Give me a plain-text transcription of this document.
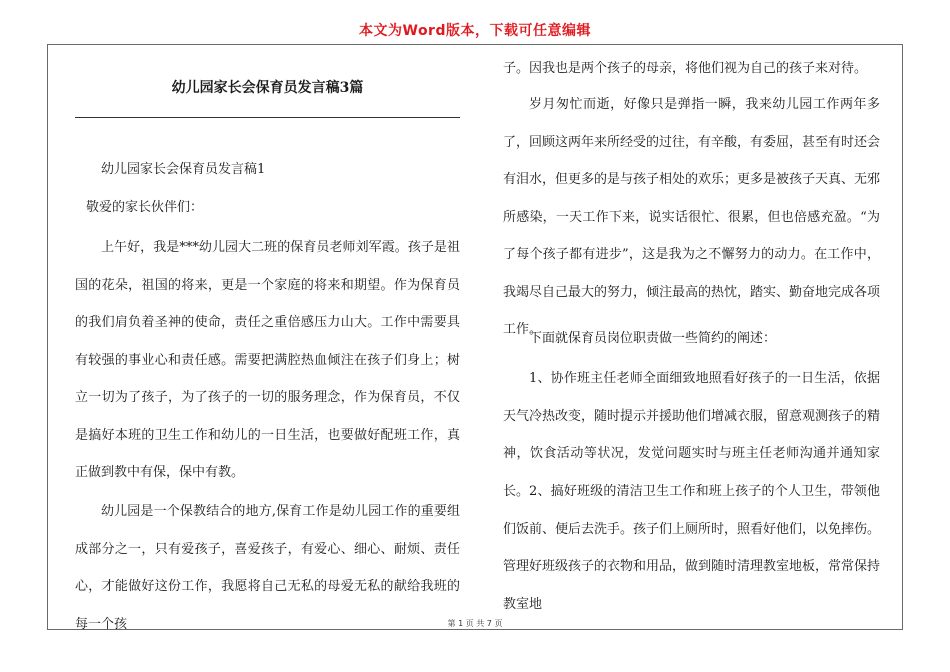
本文为Word版本，下载可任意编辑
幼儿园家长会保育员发言稿3篇

幼儿园家长会保育员发言稿1

敬爱的家长伙伴们：

上午好，我是***幼儿园大二班的保育员老师刘军霞。孩子是祖国的花朵，祖国的将来，更是一个家庭的将来和期望。作为保育员的我们肩负着圣神的使命，责任之重倍感压力山大。工作中需要具有较强的事业心和责任感。需要把满腔热血倾注在孩子们身上；树立一切为了孩子，为了孩子的一切的服务理念，作为保育员，不仅是搞好本班的卫生工作和幼儿的一日生活，也要做好配班工作，真正做到教中有保，保中有教。

幼儿园是一个保教结合的地方,保育工作是幼儿园工作的重要组成部分之一，只有爱孩子，喜爱孩子，有爱心、细心、耐烦、责任心，才能做好这份工作，我愿将自己无私的母爱无私的献给我班的每一个孩

子。因我也是两个孩子的母亲，将他们视为自己的孩子来对待。

岁月匆忙而逝，好像只是弹指一瞬，我来幼儿园工作两年多了，回顾这两年来所经受的过往，有辛酸，有委屈，甚至有时还会有泪水，但更多的是与孩子相处的欢乐；更多是被孩子天真、无邪所感染，一天工作下来，说实话很忙、很累，但也倍感充盈。“为了每个孩子都有进步”，这是我为之不懈努力的动力。在工作中，我竭尽自己最大的努力，倾注最高的热忱，踏实、勤奋地完成各项工作。

下面就保育员岗位职责做一些简约的阐述：

1、协作班主任老师全面细致地照看好孩子的一日生活，依据天气冷热改变，随时提示并援助他们增减衣服，留意观测孩子的精神，饮食活动等状况，发觉问题实时与班主任老师沟通并通知家长。 2、搞好班级的清洁卫生工作和班上孩子的个人卫生，带领他们饭前、便后去洗手。孩子们上厕所时，照看好他们，以免摔伤。管理好班级孩子的衣物和用品，做到随时清理教室地板，常常保持教室地

第 1 页 共 7 页
